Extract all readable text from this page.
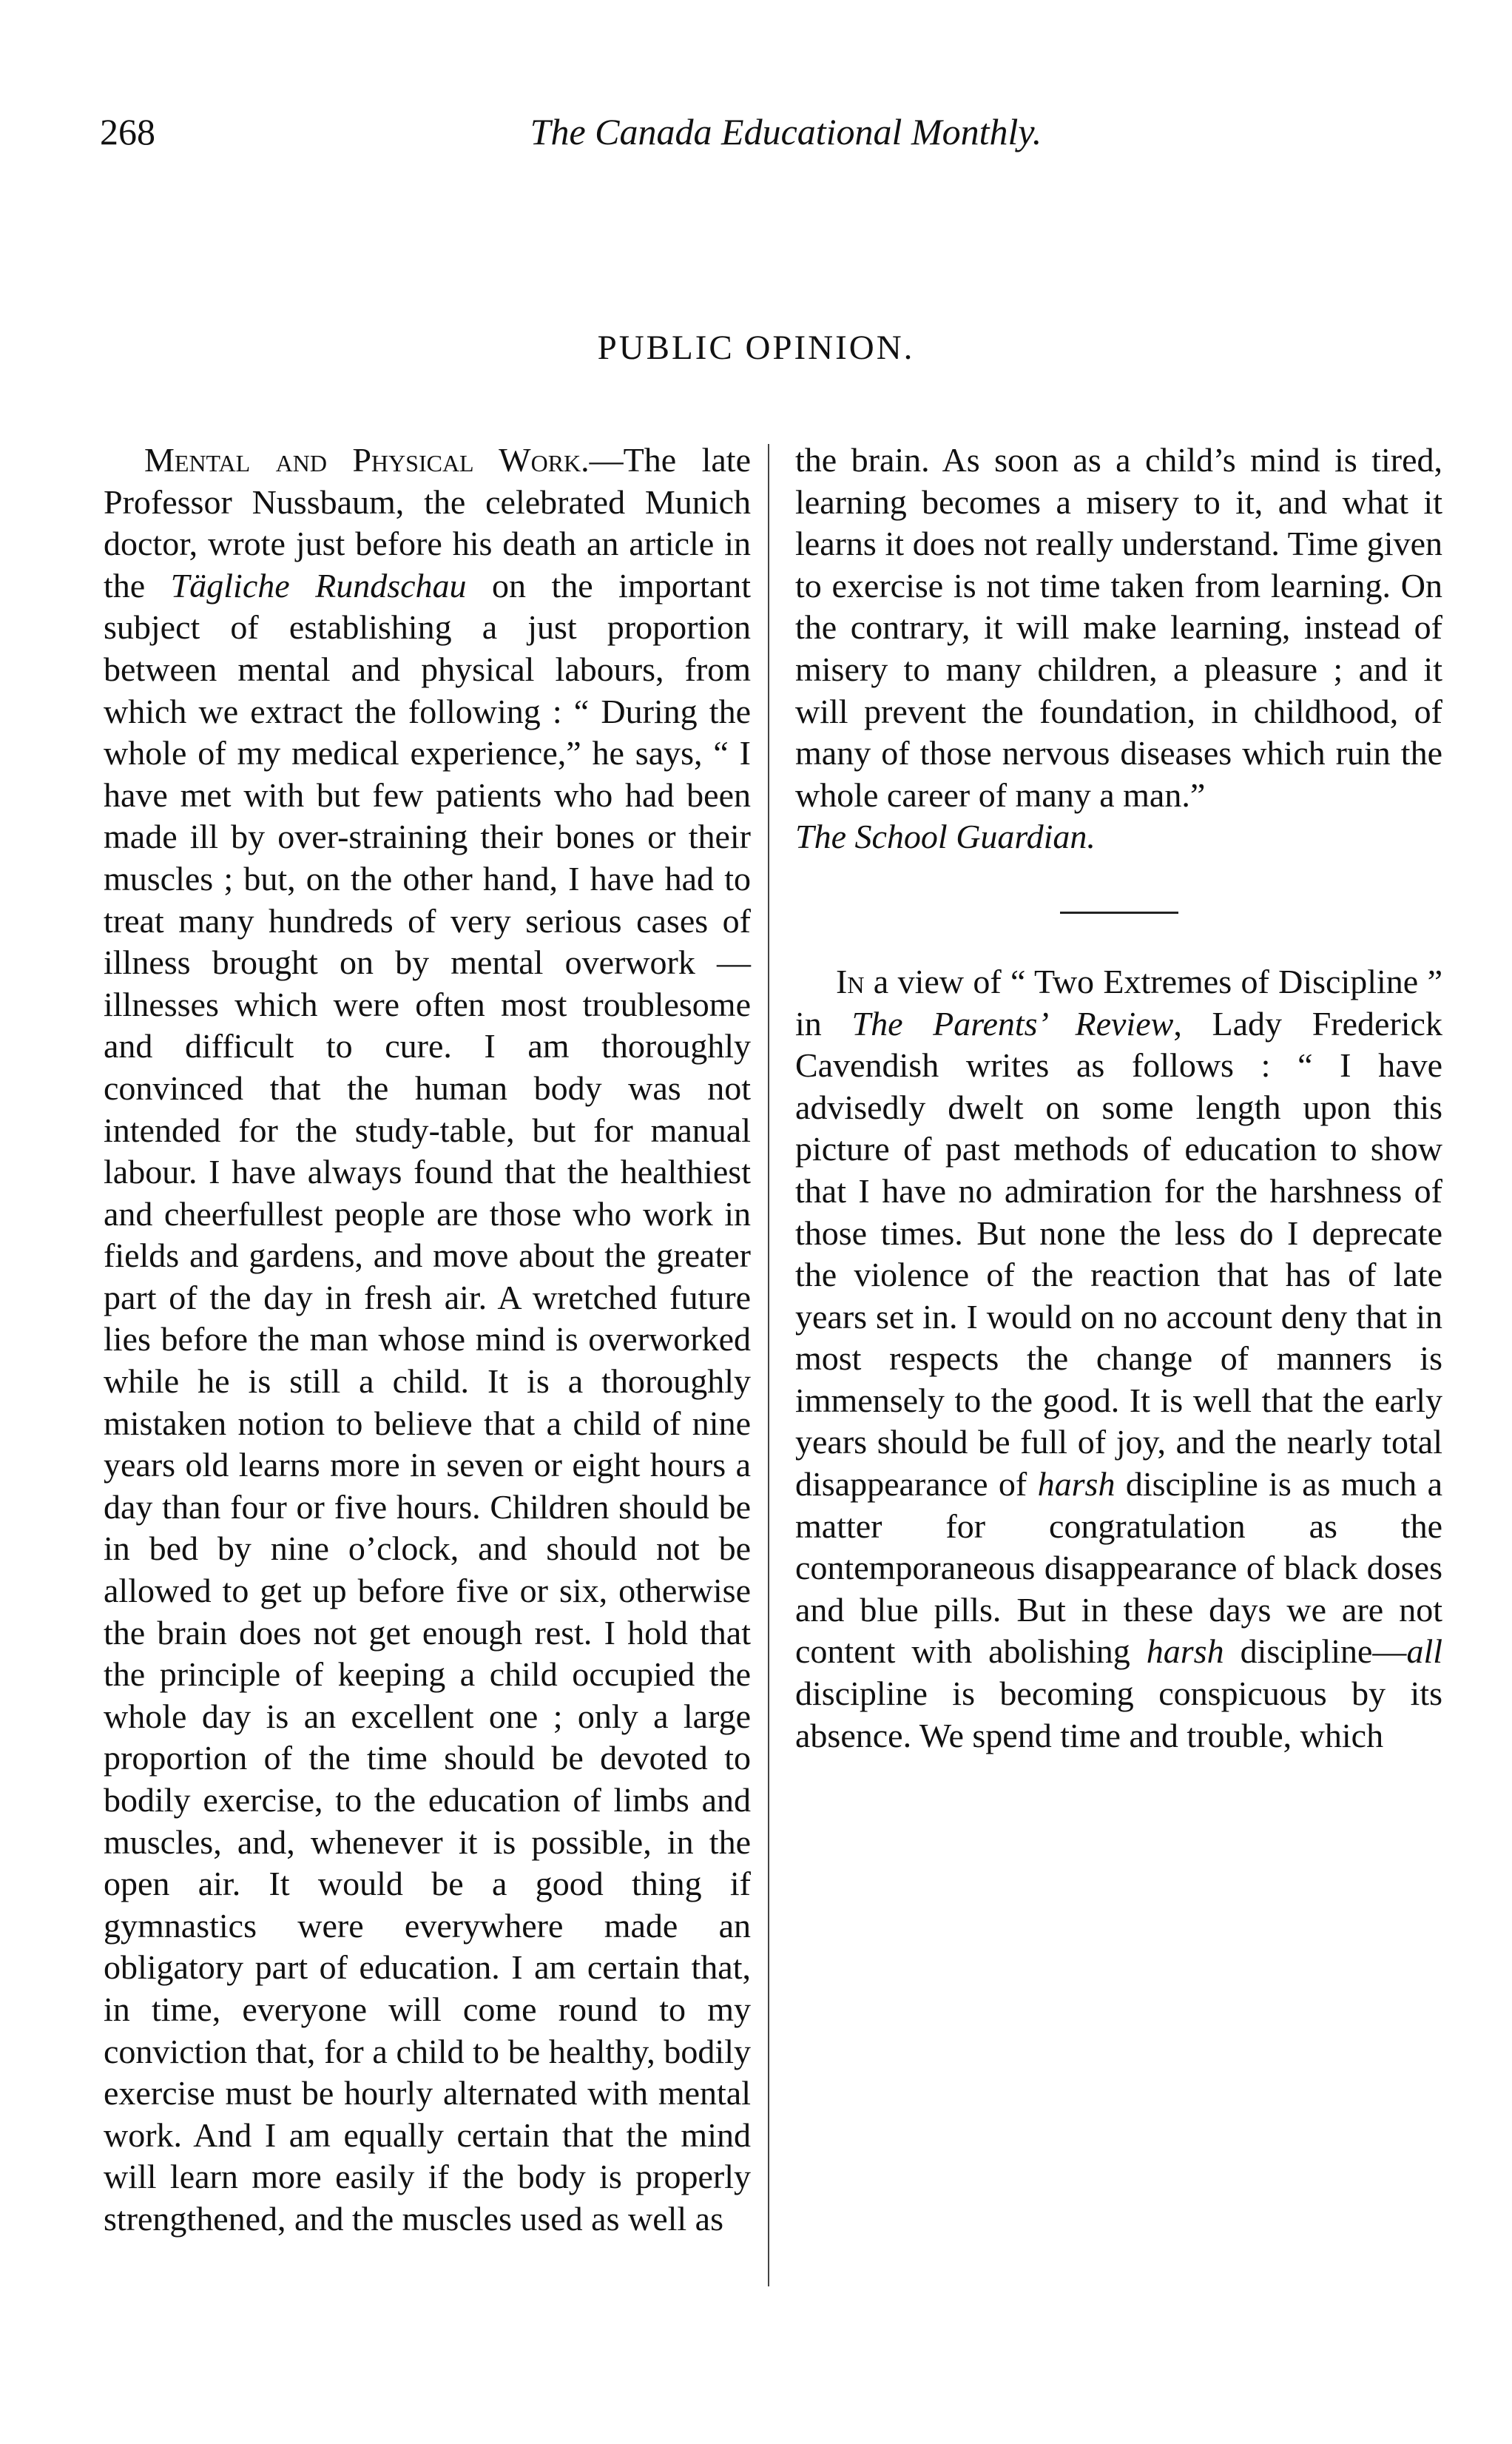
268	The Canada Educational Monthly.
PUBLIC OPINION.

Mental and Physical Work.—The late Professor Nussbaum, the celebrated Munich doctor, wrote just before his death an article in the Tägliche Rundschau on the important subject of establishing a just proportion between mental and physical labours, from which we extract the following : “ During the whole of my medical experience,” he says, “ I have met with but few patients who had been made ill by over-straining their bones or their muscles ; but, on the other hand, I have had to treat many hundreds of very serious cases of illness brought on by mental overwork —illnesses which were often most troublesome and difficult to cure. I am thoroughly convinced that the human body was not intended for the study-table, but for manual labour. I have always found that the healthiest and cheerfullest people are those who work in fields and gardens, and move about the greater part of the day in fresh air. A wretched future lies before the man whose mind is overworked while he is still a child. It is a thoroughly mistaken notion to believe that a child of nine years old learns more in seven or eight hours a day than four or five hours. Children should be in bed by nine o’clock, and should not be allowed to get up before five or six, otherwise the brain does not get enough rest. I hold that the principle of keeping a child occupied the whole day is an excellent one ; only a large proportion of the time should be devoted to bodily exercise, to the education of limbs and muscles, and, whenever it is possible, in the open air. It would be a good thing if gymnastics were everywhere made an obligatory part of education. I am certain that, in time, everyone will come round to my conviction that, for a child to be healthy, bodily exercise must be hourly alternated with mental work. And I am equally certain that the mind will learn more easily if the body is properly strengthened, and the muscles used as well as

the brain. As soon as a child’s mind is tired, learning becomes a misery to it, and what it learns it does not really understand. Time given to exercise is not time taken from learning. On the contrary, it will make learning, instead of misery to many children, a pleasure ; and it will prevent the foundation, in childhood, of many of those nervous diseases which ruin the whole career of many a man.”

The School Guardian.

In a view of “ Two Extremes of Discipline ” in The Parents’ Review, Lady Frederick Cavendish writes as follows : “ I have advisedly dwelt on some length upon this picture of past methods of education to show that I have no admiration for the harshness of those times. But none the less do I deprecate the violence of the reaction that has of late years set in. I would on no account deny that in most respects the change of manners is immensely to the good. It is well that the early years should be full of joy, and the nearly total disappearance of harsh discipline is as much a matter for congratulation as the contemporaneous disappearance of black doses and blue pills. But in these days we are not content with abolishing harsh discipline—all discipline is becoming conspicuous by its absence. We spend time and trouble, which
